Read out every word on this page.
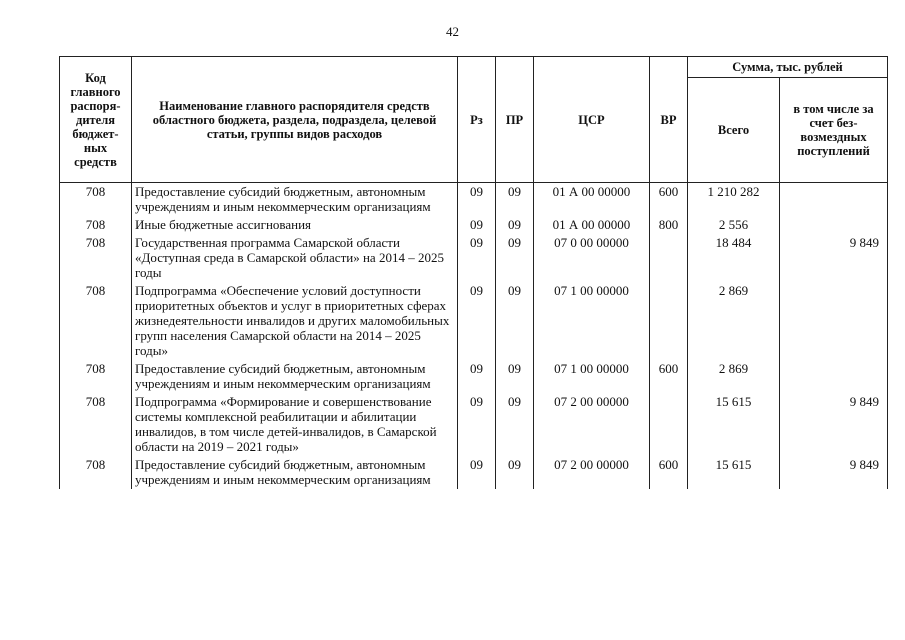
42
Код главного распоря-дителя бюджет-ных средств	Наименование главного распорядителя средств областного бюджета, раздела, подраздела, целевой статьи, группы видов расходов	Рз	ПР	ЦСР	ВР	Сумма, тыс. рублей	
						Всего	в том числе за счет без-возмездных поступлений
708	Предоставление субсидий бюджетным, автономным учреждениям и иным некоммерческим организациям	09	09	01 А 00 00000	600	1 210 282	
708	Иные бюджетные ассигнования	09	09	01 А 00 00000	800	2 556	
708	Государственная программа Самарской области «Доступная среда в Самарской области» на 2014 – 2025 годы	09	09	07 0 00 00000		18 484	9 849
708	Подпрограмма «Обеспечение условий доступности приоритетных объектов и услуг в приоритетных сферах жизнедеятельности инвалидов и других маломобильных групп населения Самарской области на 2014 – 2025 годы»	09	09	07 1 00 00000		2 869	
708	Предоставление субсидий бюджетным, автономным учреждениям и иным некоммерческим организациям	09	09	07 1 00 00000	600	2 869	
708	Подпрограмма «Формирование и совершенствование системы комплексной реабилитации и абилитации инвалидов, в том числе детей-инвалидов, в Самарской области на 2019 – 2021 годы»	09	09	07 2 00 00000		15 615	9 849
708	Предоставление субсидий бюджетным, автономным учреждениям и иным некоммерческим организациям	09	09	07 2 00 00000	600	15 615	9 849
